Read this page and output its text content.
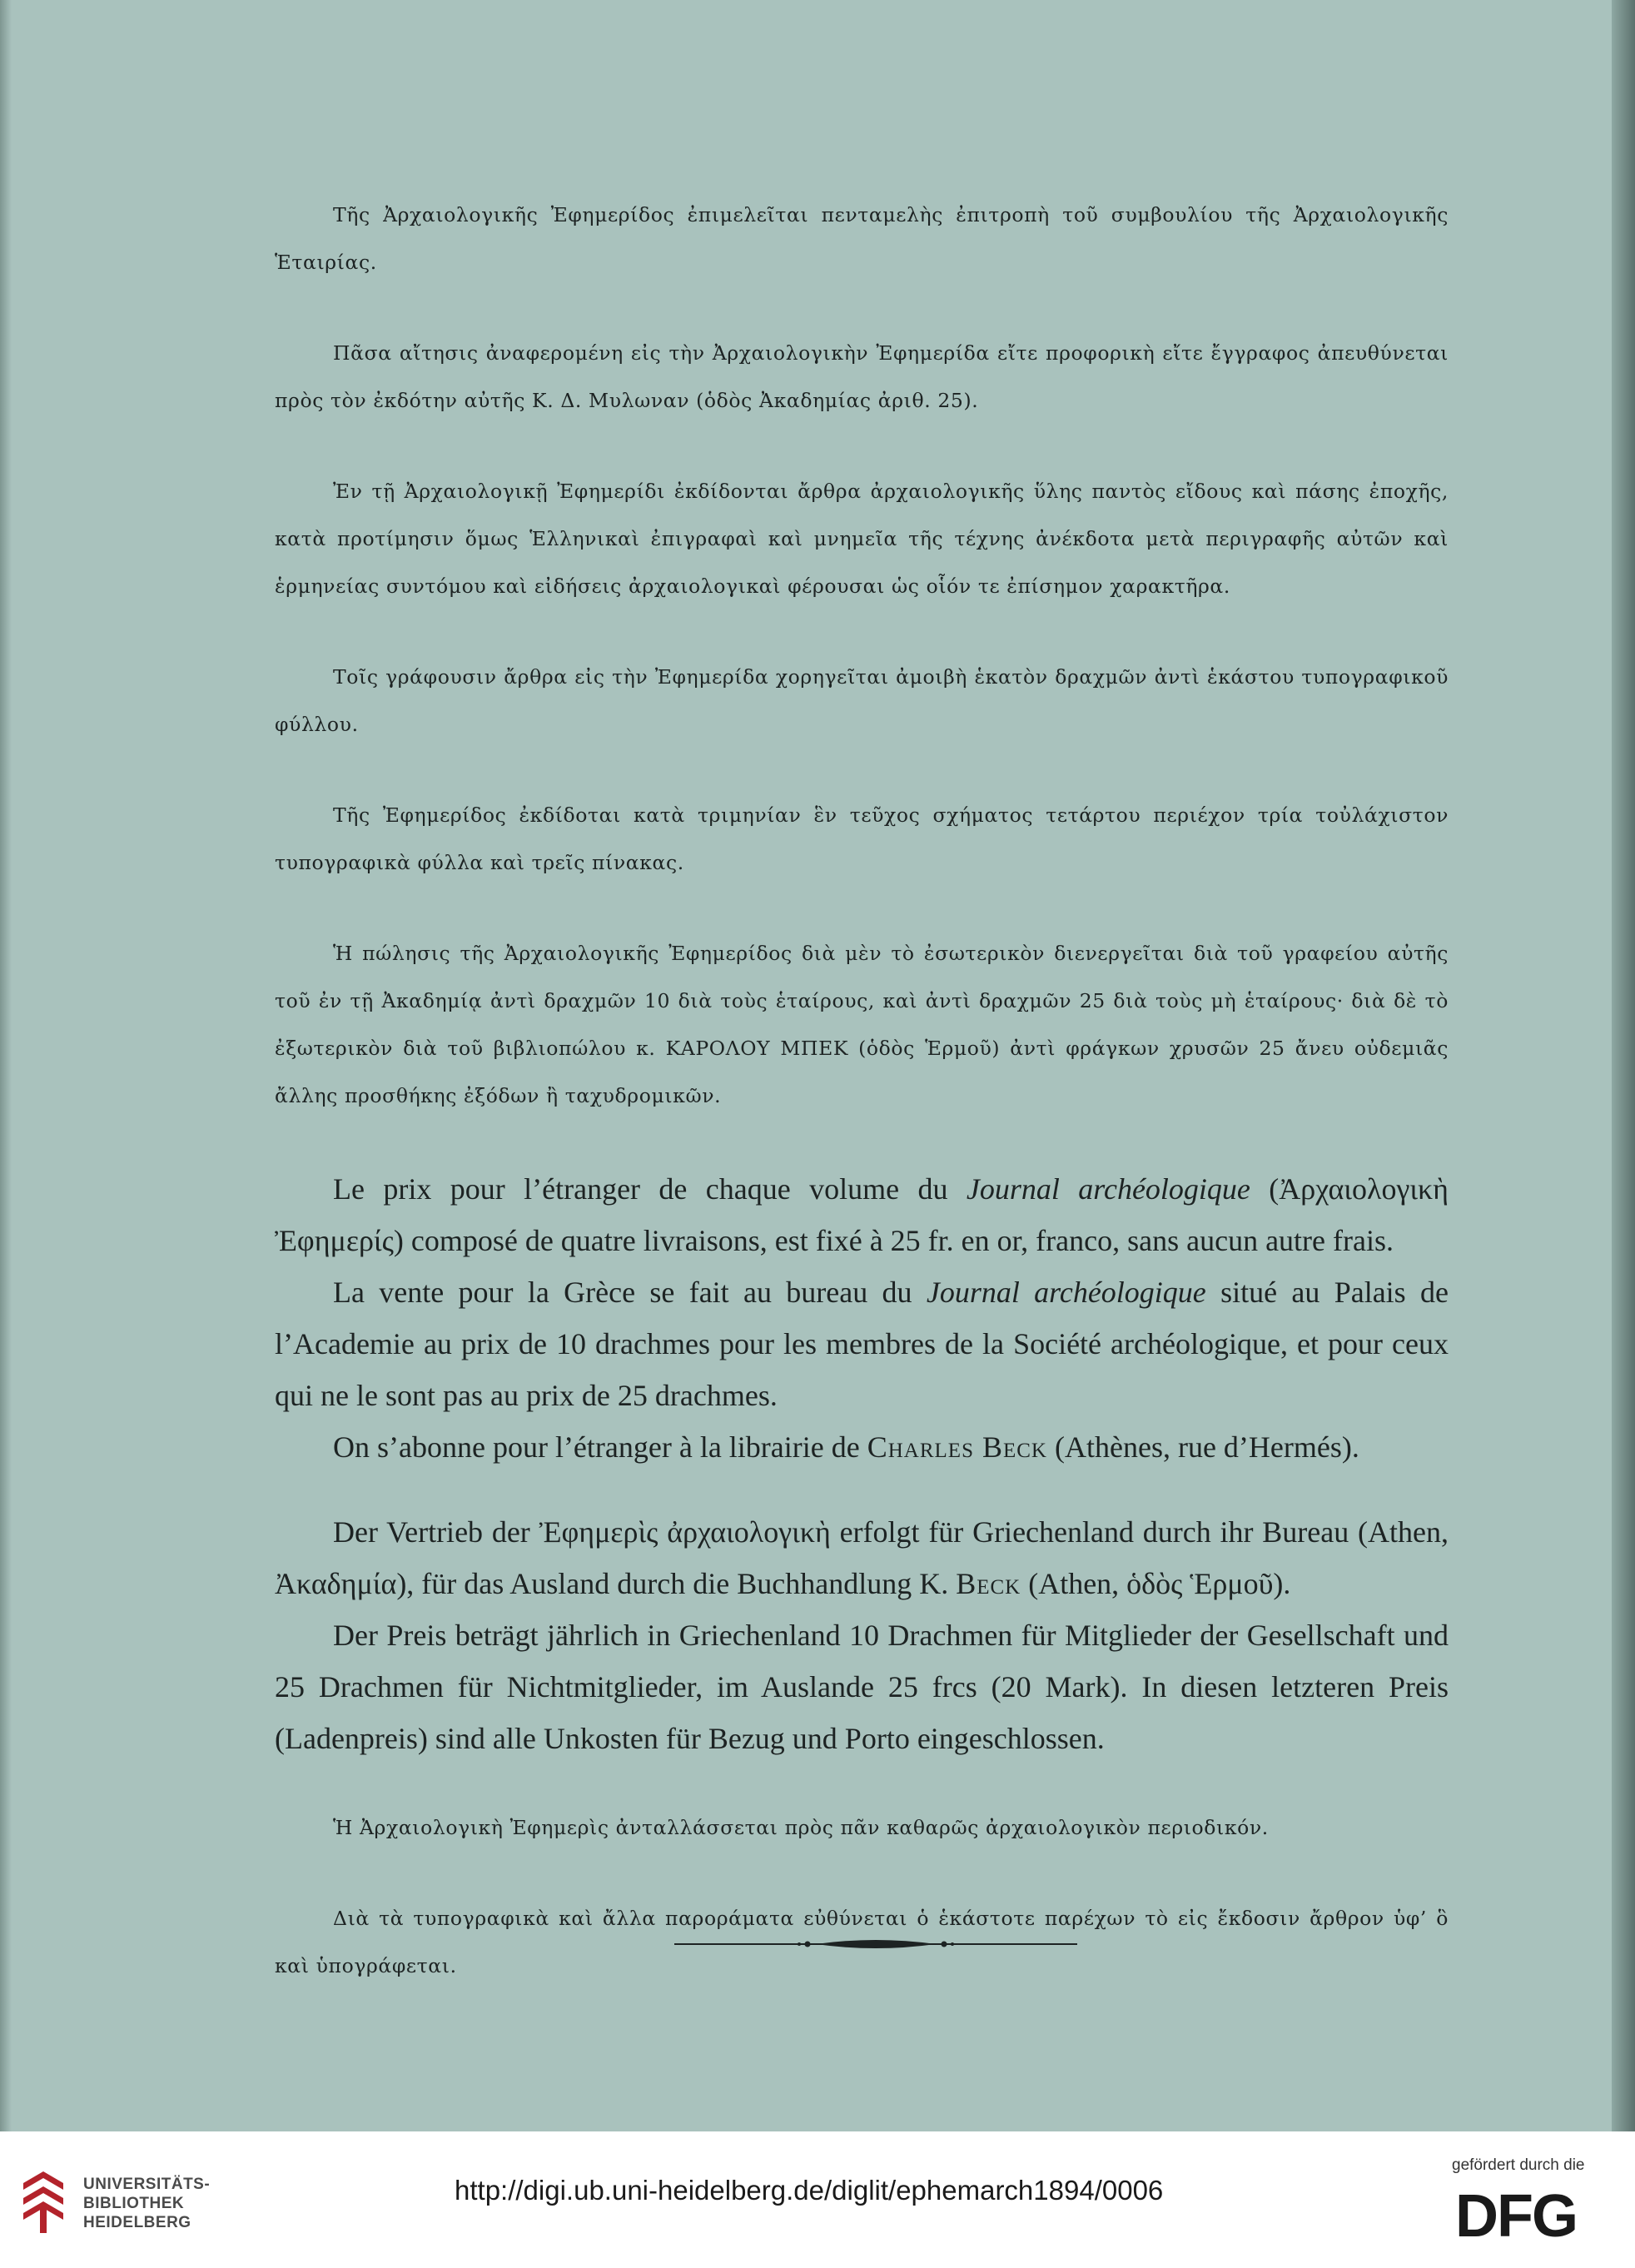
Τῆς Ἀρχαιολογικῆς Ἐφημερίδος ἐπιμελεῖται πενταμελὴς ἐπιτροπὴ τοῦ συμβουλίου τῆς Ἀρχαιολογικῆς Ἑταιρίας.

Πᾶσα αἴτησις ἀναφερομένη εἰς τὴν Ἀρχαιολογικὴν Ἐφημερίδα εἴτε προφορικὴ εἴτε ἔγγραφος ἀπευθύνεται πρὸς τὸν ἐκδότην αὐτῆς Κ. Δ. Μυλωναν (ὁδὸς Ἀκαδημίας ἀριθ. 25).

Ἐν τῇ Ἀρχαιολογικῇ Ἐφημερίδι ἐκδίδονται ἄρθρα ἀρχαιολογικῆς ὕλης παντὸς εἴδους καὶ πάσης ἐποχῆς, κατὰ προτίμησιν ὅμως Ἑλληνικαὶ ἐπιγραφαὶ καὶ μνημεῖα τῆς τέχνης ἀνέκδοτα μετὰ περιγραφῆς αὐτῶν καὶ ἑρμηνείας συντόμου καὶ εἰδήσεις ἀρχαιολογικαὶ φέρουσαι ὡς οἷόν τε ἐπίσημον χαρακτῆρα.

Τοῖς γράφουσιν ἄρθρα εἰς τὴν Ἐφημερίδα χορηγεῖται ἀμοιβὴ ἑκατὸν δραχμῶν ἀντὶ ἑκάστου τυπογραφικοῦ φύλλου.

Τῆς Ἐφημερίδος ἐκδίδοται κατὰ τριμηνίαν ἓν τεῦχος σχήματος τετάρτου περιέχον τρία τοὐλάχιστον τυπογραφικὰ φύλλα καὶ τρεῖς πίνακας.

Ἡ πώλησις τῆς Ἀρχαιολογικῆς Ἐφημερίδος διὰ μὲν τὸ ἐσωτερικὸν διενεργεῖται διὰ τοῦ γραφείου αὐτῆς τοῦ ἐν τῇ Ἀκαδημίᾳ ἀντὶ δραχμῶν 10 διὰ τοὺς ἑταίρους, καὶ ἀντὶ δραχμῶν 25 διὰ τοὺς μὴ ἑταίρους· διὰ δὲ τὸ ἐξωτερικὸν διὰ τοῦ βιβλιοπώλου κ. ΚΑΡΟΛΟΥ ΜΠΕΚ (ὁδὸς Ἑρμοῦ) ἀντὶ φράγκων χρυσῶν 25 ἄνευ οὐδεμιᾶς ἄλλης προσθήκης ἐξόδων ἢ ταχυδρομικῶν.

Le prix pour l’étranger de chaque volume du Journal archéologique (Ἀρχαιολογικὴ Ἐφημερίς) composé de quatre livraisons, est fixé à 25 fr. en or, franco, sans aucun autre frais.

La vente pour la Grèce se fait au bureau du Journal archéologique situé au Palais de l’Academie au prix de 10 drachmes pour les membres de la Société archéologique, et pour ceux qui ne le sont pas au prix de 25 drachmes.

On s’abonne pour l’étranger à la librairie de Charles Beck (Athènes, rue d’Hermés).

Der Vertrieb der Ἐφημερὶς ἀρχαιολογικὴ erfolgt für Griechenland durch ihr Bureau (Athen, Ἀκαδημία), für das Ausland durch die Buchhandlung K. Beck (Athen, ὁδὸς Ἑρμοῦ).

Der Preis beträgt jährlich in Griechenland 10 Drachmen für Mitglieder der Gesellschaft und 25 Drachmen für Nichtmitglieder, im Auslande 25 frcs (20 Mark). In diesen letzteren Preis (Ladenpreis) sind alle Unkosten für Bezug und Porto eingeschlossen.

Ἡ Ἀρχαιολογικὴ Ἐφημερὶς ἀνταλλάσσεται πρὸς πᾶν καθαρῶς ἀρχαιολογικὸν περιοδικόν.

Διὰ τὰ τυπογραφικὰ καὶ ἄλλα παροράματα εὐθύνεται ὁ ἑκάστοτε παρέχων τὸ εἰς ἔκδοσιν ἄρθρον ὑφ’ ὃ καὶ ὑπογράφεται.

UNIVERSITÄTS-
BIBLIOTHEK
HEIDELBERG
http://digi.ub.uni-heidelberg.de/diglit/ephemarch1894/0006
gefördert durch die
DFG
